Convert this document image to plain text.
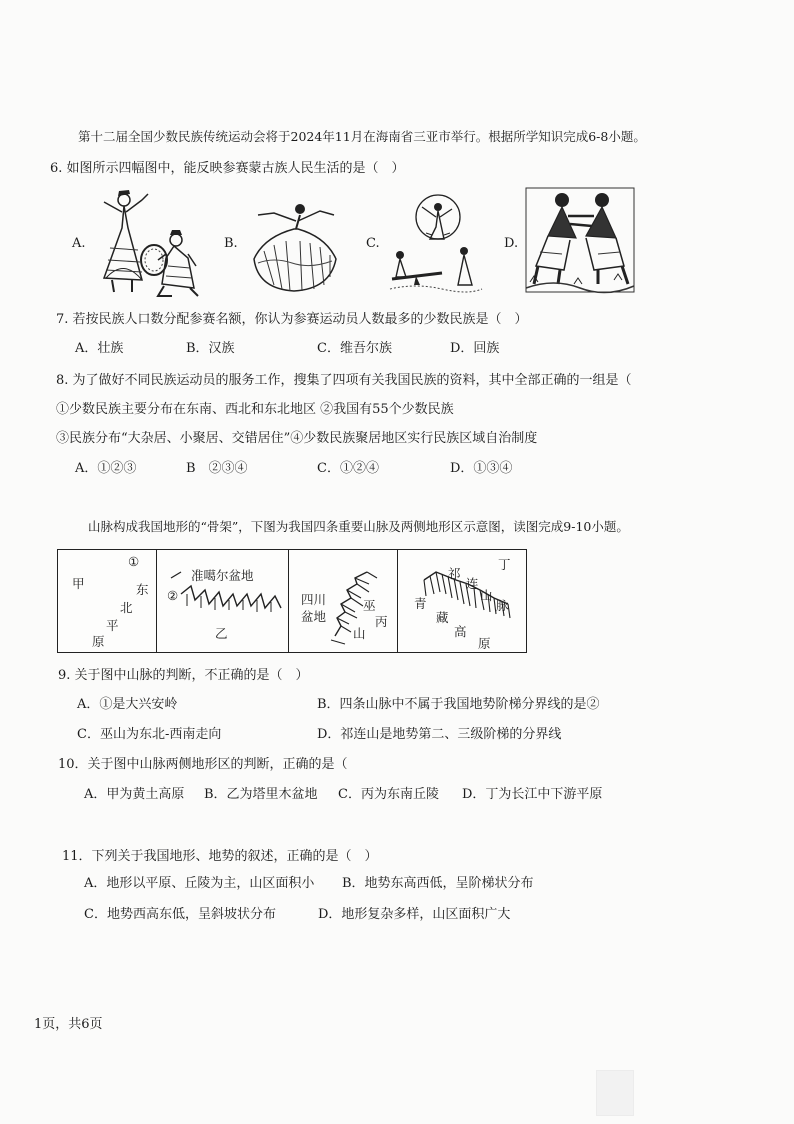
第十二届全国少数民族传统运动会将于2024年11月在海南省三亚市举行。根据所学知识完成6-8小题。
6. 如图所示四幅图中，能反映参赛蒙古族人民生活的是（　）
A.	B.	C.	D.
7. 若按民族人口数分配参赛名额，你认为参赛运动员人数最多的少数民族是（　）
A．壮族	B．汉族	C．维吾尔族	D．回族
8. 为了做好不同民族运动员的服务工作，搜集了四项有关我国民族的资料，其中全部正确的一组是（
①少数民族主要分布在东南、西北和东北地区 ②我国有55个少数民族
③民族分布“大杂居、小聚居、交错居住”④少数民族聚居地区实行民族区域自治制度
A．①②③	B　②③④	C．①②④	D．①③④
山脉构成我国地形的“骨架”，下图为我国四条重要山脉及两侧地形区示意图，读图完成9-10小题。
①
甲	东
北
平
原
准噶尔盆地
②
乙
四川
盆地
巫
丙
山
丁
祁
连
山
脉
青
藏
高
原
9. 关于图中山脉的判断，不正确的是（　）
A．①是大兴安岭	B．四条山脉中不属于我国地势阶梯分界线的是②
C．巫山为东北-西南走向	D．祁连山是地势第二、三级阶梯的分界线
10．关于图中山脉两侧地形区的判断，正确的是（
A．甲为黄土高原 B．乙为塔里木盆地 C．丙为东南丘陵 D．丁为长江中下游平原
11．下列关于我国地形、地势的叙述，正确的是（　）
A．地形以平原、丘陵为主，山区面积小 B．地势东高西低，呈阶梯状分布
C．地势西高东低，呈斜坡状分布	D．地形复杂多样，山区面积广大
1页，共6页
